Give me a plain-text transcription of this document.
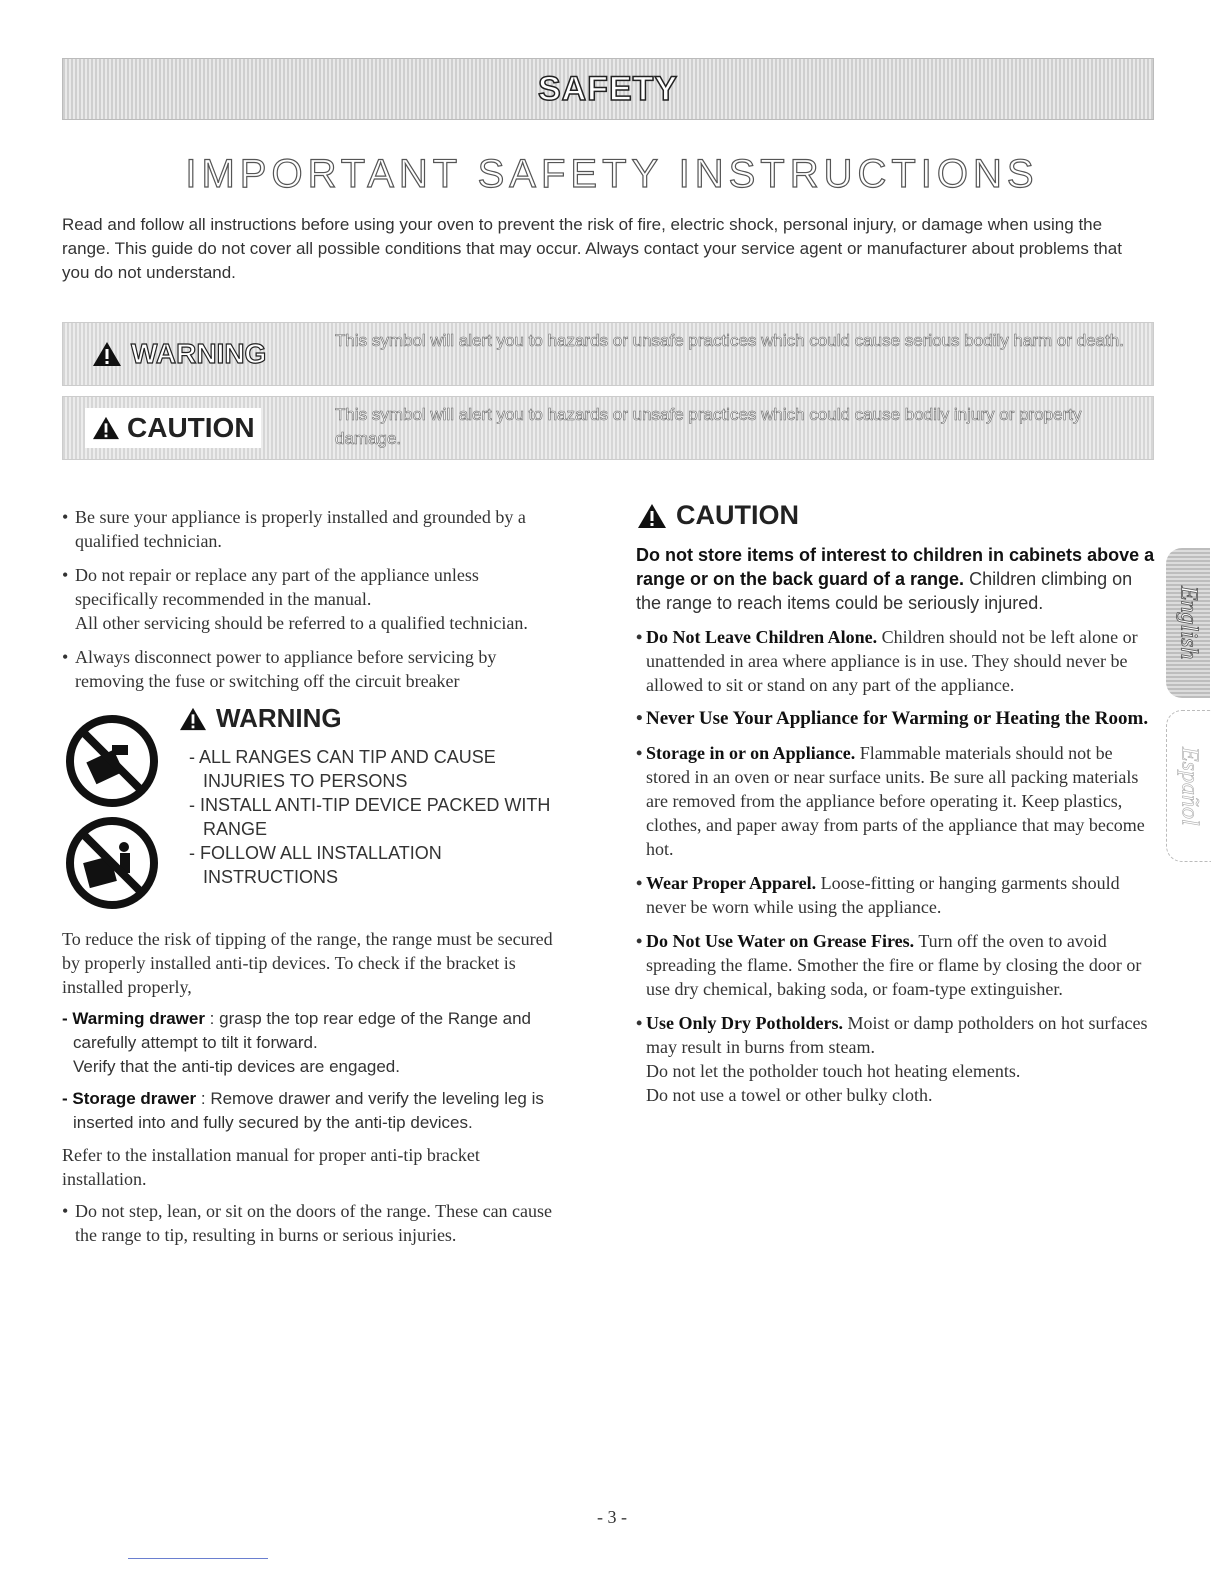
SAFETY
IMPORTANT SAFETY INSTRUCTIONS
Read and follow all instructions before using your oven to prevent the risk of fire, electric shock, personal injury, or damage when using the range. This guide do not cover all possible conditions that may occur. Always contact your service agent or manufacturer about problems that you do not understand.
WARNING	This symbol will alert you to hazards or unsafe practices which could cause serious bodily harm or death.
CAUTION	This symbol will alert you to hazards or unsafe practices which could cause bodily injury or property damage.
• Be sure your appliance is properly installed and grounded by a qualified technician.
• Do not repair or replace any part of the appliance unless specifically recommended in the manual.
All other servicing should be referred to a qualified technician.
• Always disconnect power to appliance before servicing by removing the fuse or switching off the circuit breaker
WARNING
- ALL RANGES CAN TIP AND CAUSE INJURIES TO PERSONS
- INSTALL ANTI-TIP DEVICE PACKED WITH RANGE
- FOLLOW ALL INSTALLATION INSTRUCTIONS
To reduce the risk of tipping of the range, the range must be secured by properly installed anti-tip devices. To check if the bracket is installed properly,
- Warming drawer : grasp the top rear edge of the Range and carefully attempt to tilt it forward.
Verify that the anti-tip devices are engaged.
- Storage drawer : Remove drawer and verify the leveling leg is inserted into and fully secured by the anti-tip devices.
Refer to the installation manual for proper anti-tip bracket installation.
• Do not step, lean, or sit on the doors of the range. These can cause the range to tip, resulting in burns or serious injuries.
CAUTION
Do not store items of interest to children in cabinets above a range or on the back guard of a range. Children climbing on the range to reach items could be seriously injured.
• Do Not Leave Children Alone. Children should not be left alone or unattended in area where appliance is in use. They should never be allowed to sit or stand on any part of the appliance.
• Never Use Your Appliance for Warming or Heating the Room.
• Storage in or on Appliance. Flammable materials should not be stored in an oven or near surface units. Be sure all packing materials are removed from the appliance before operating it. Keep plastics, clothes, and paper away from parts of the appliance that may become hot.
• Wear Proper Apparel. Loose-fitting or hanging garments should never be worn while using the appliance.
• Do Not Use Water on Grease Fires. Turn off the oven to avoid spreading the flame. Smother the fire or flame by closing the door or use dry chemical, baking soda, or foam-type extinguisher.
• Use Only Dry Potholders. Moist or damp potholders on hot surfaces may result in burns from steam.
Do not let the potholder touch hot heating elements.
Do not use a towel or other bulky cloth.
English
Español
- 3 -
